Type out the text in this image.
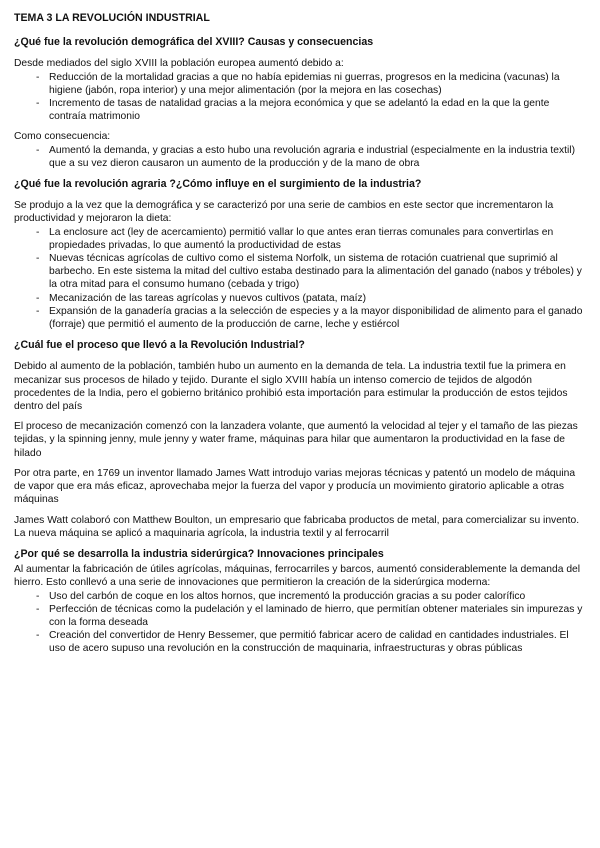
TEMA 3 LA REVOLUCIÓN INDUSTRIAL
¿Qué fue la revolución demográfica del XVIII? Causas y consecuencias

Desde mediados del siglo XVIII la población europea aumentó debido a:

- Reducción de la mortalidad gracias a que no había epidemias ni guerras, progresos en la medicina (vacunas) la higiene (jabón, ropa interior) y una mejor alimentación (por la mejora en las cosechas)
- Incremento de tasas de natalidad gracias a la mejora económica y que se adelantó la edad en la que la gente contraía matrimonio

Como consecuencia:

- Aumentó la demanda, y gracias a esto hubo una revolución agraria e industrial (especialmente en la industria textil) que a su vez dieron causaron un aumento de la producción y de la mano de obra
¿Qué fue la revolución agraria ?¿Cómo influye en el surgimiento de la industria?

Se produjo a la vez que la demográfica y se caracterizó por una serie de cambios en este sector que incrementaron la productividad y mejoraron la dieta:

- La enclosure act (ley de acercamiento) permitió vallar lo que antes eran tierras comunales para convertirlas en propiedades privadas, lo que aumentó la productividad de estas
- Nuevas técnicas agrícolas de cultivo como el sistema Norfolk, un sistema de rotación cuatrienal que suprimió al barbecho. En este sistema la mitad del cultivo estaba destinado para la alimentación del ganado (nabos y tréboles) y la otra mitad para el consumo humano (cebada y trigo)
- Mecanización de las tareas agrícolas y nuevos cultivos (patata, maíz)
- Expansión de la ganadería gracias a la selección de especies y a la mayor disponibilidad de alimento para el ganado (forraje) que permitió el aumento de la producción de carne, leche y estiércol
¿Cuál fue el proceso que llevó a la Revolución Industrial?

Debido al aumento de la población, también hubo un aumento en la demanda de tela. La industria textil fue la primera en mecanizar sus procesos de hilado y tejido. Durante el siglo XVIII había un intenso comercio de tejidos de algodón procedentes de la India, pero el gobierno británico prohibió esta importación para estimular la producción de estos tejidos dentro del país

El proceso de mecanización comenzó con la lanzadera volante, que aumentó la velocidad al tejer y el tamaño de las piezas tejidas, y la spinning jenny, mule jenny y water frame, máquinas para hilar que aumentaron la productividad en la fase de hilado

Por otra parte, en 1769 un inventor llamado James Watt introdujo varias mejoras técnicas y patentó un modelo de máquina de vapor que era más eficaz, aprovechaba mejor la fuerza del vapor y producía un movimiento giratorio aplicable a otras máquinas

James Watt colaboró con Matthew Boulton, un empresario que fabricaba productos de metal, para comercializar su invento. La nueva máquina se aplicó a maquinaria agrícola, la industria textil y al ferrocarril

¿Por qué se desarrolla la industria siderúrgica? Innovaciones principales

Al aumentar la fabricación de útiles agrícolas, máquinas, ferrocarriles y barcos, aumentó considerablemente la demanda del hierro. Esto conllevó a una serie de innovaciones que permitieron la creación de la siderúrgica moderna:

- Uso del carbón de coque en los altos hornos, que incrementó la producción gracias a su poder calorífico
- Perfección de técnicas como la pudelación y el laminado de hierro, que permitían obtener materiales sin impurezas y con la forma deseada
- Creación del convertidor de Henry Bessemer, que permitió fabricar acero de calidad en cantidades industriales. El uso de acero supuso una revolución en la construcción de maquinaria, infraestructuras y obras públicas
